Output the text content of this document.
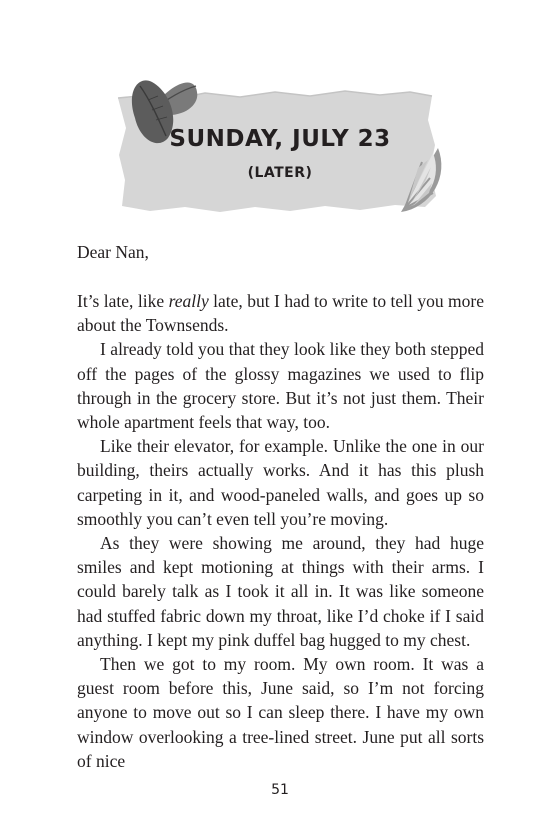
SUNDAY, JULY 23
(LATER)
Dear Nan,

It’s late, like really late, but I had to write to tell you more about the Townsends.

I already told you that they look like they both stepped off the pages of the glossy magazines we used to flip through in the grocery store. But it’s not just them. Their whole apartment feels that way, too.

Like their elevator, for example. Unlike the one in our building, theirs actually works. And it has this plush carpeting in it, and wood-paneled walls, and goes up so smoothly you can’t even tell you’re moving.

As they were showing me around, they had huge smiles and kept motioning at things with their arms. I could barely talk as I took it all in. It was like someone had stuffed fabric down my throat, like I’d choke if I said anything. I kept my pink duffel bag hugged to my chest.

Then we got to my room. My own room. It was a guest room before this, June said, so I’m not forcing anyone to move out so I can sleep there. I have my own window overlooking a tree-lined street. June put all sorts of nice

51
